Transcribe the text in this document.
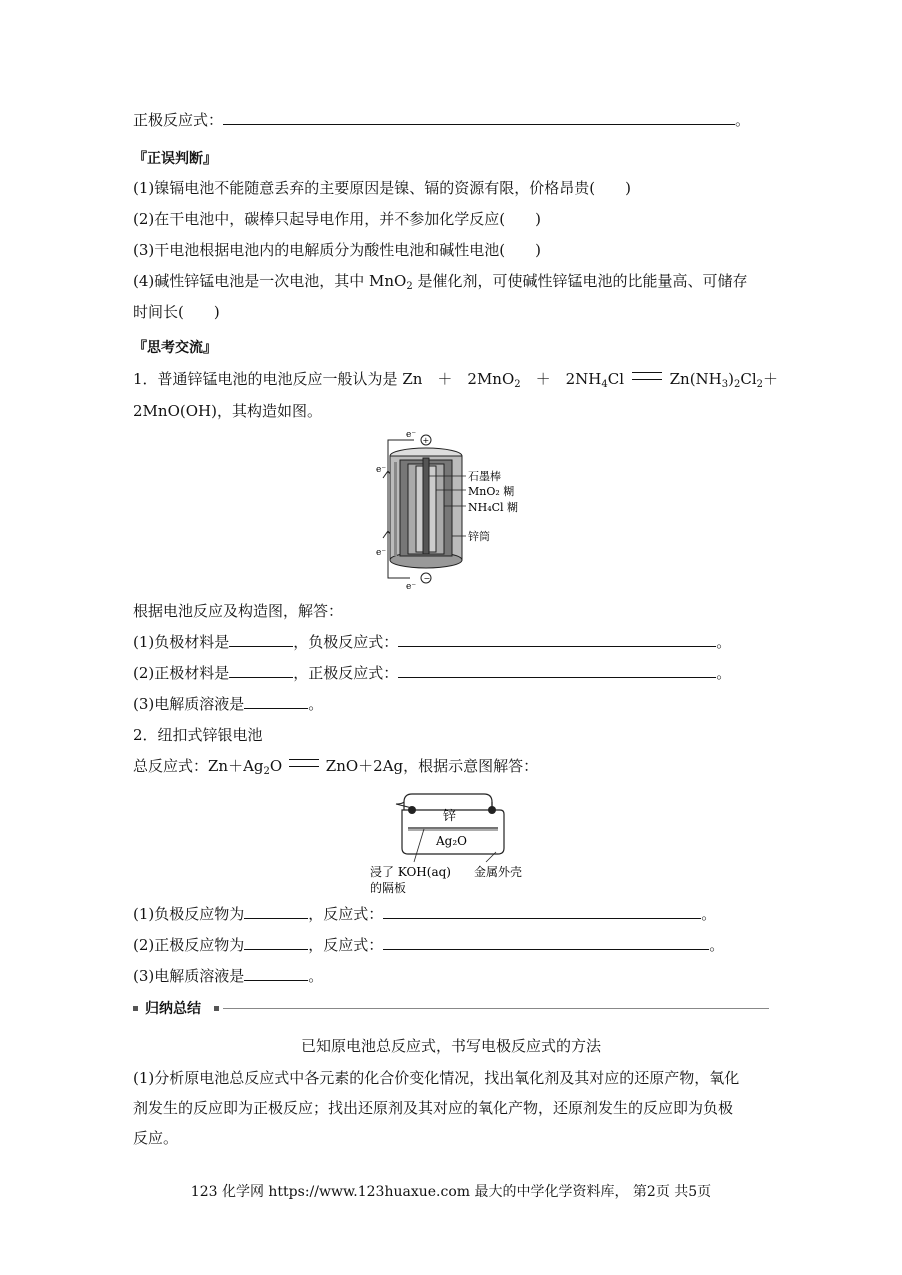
正极反应式：	。
『正误判断』
(1)镍镉电池不能随意丢弃的主要原因是镍、镉的资源有限，价格昂贵(　　)
(2)在干电池中，碳棒只起导电作用，并不参加化学反应(　　)
(3)干电池根据电池内的电解质分为酸性电池和碱性电池(　　)
(4)碱性锌锰电池是一次电池，其中 MnO$_2$ 是催化剂，可使碱性锌锰电池的比能量高、可储存
时间长(　　)
『思考交流』
1．普通锌锰电池的电池反应一般认为是 Zn　＋　2MnO$_2$　＋　$2NH_4Cl$	$Zn(NH_3)_2Cl_2+$
2MnO(OH)，其构造如图。
e⁻
e⁻
e⁻
e⁻
+
−
石墨棒
MnO₂ 糊
NH₄Cl 糊
锌筒
根据电池反应及构造图，解答：
(1)负极材料是	，负极反应式：	。
(2)正极材料是	，正极反应式：	。
(3)电解质溶液是	。
2．纽扣式锌银电池
总反应式：$Zn+Ag_2O$	ZnO＋2Ag，根据示意图解答：
锌
Ag₂O
浸了 KOH(aq)
的隔板
金属外壳
(1)负极反应物为	，反应式：	。
(2)正极反应物为	，反应式：	。
(3)电解质溶液是	。
归纳总结
已知原电池总反应式，书写电极反应式的方法
(1)分析原电池总反应式中各元素的化合价变化情况，找出氧化剂及其对应的还原产物，氧化
剂发生的反应即为正极反应；找出还原剂及其对应的氧化产物，还原剂发生的反应即为负极
反应。
123 化学网 https://www.123huaxue.com 最大的中学化学资料库， 第2页 共5页
